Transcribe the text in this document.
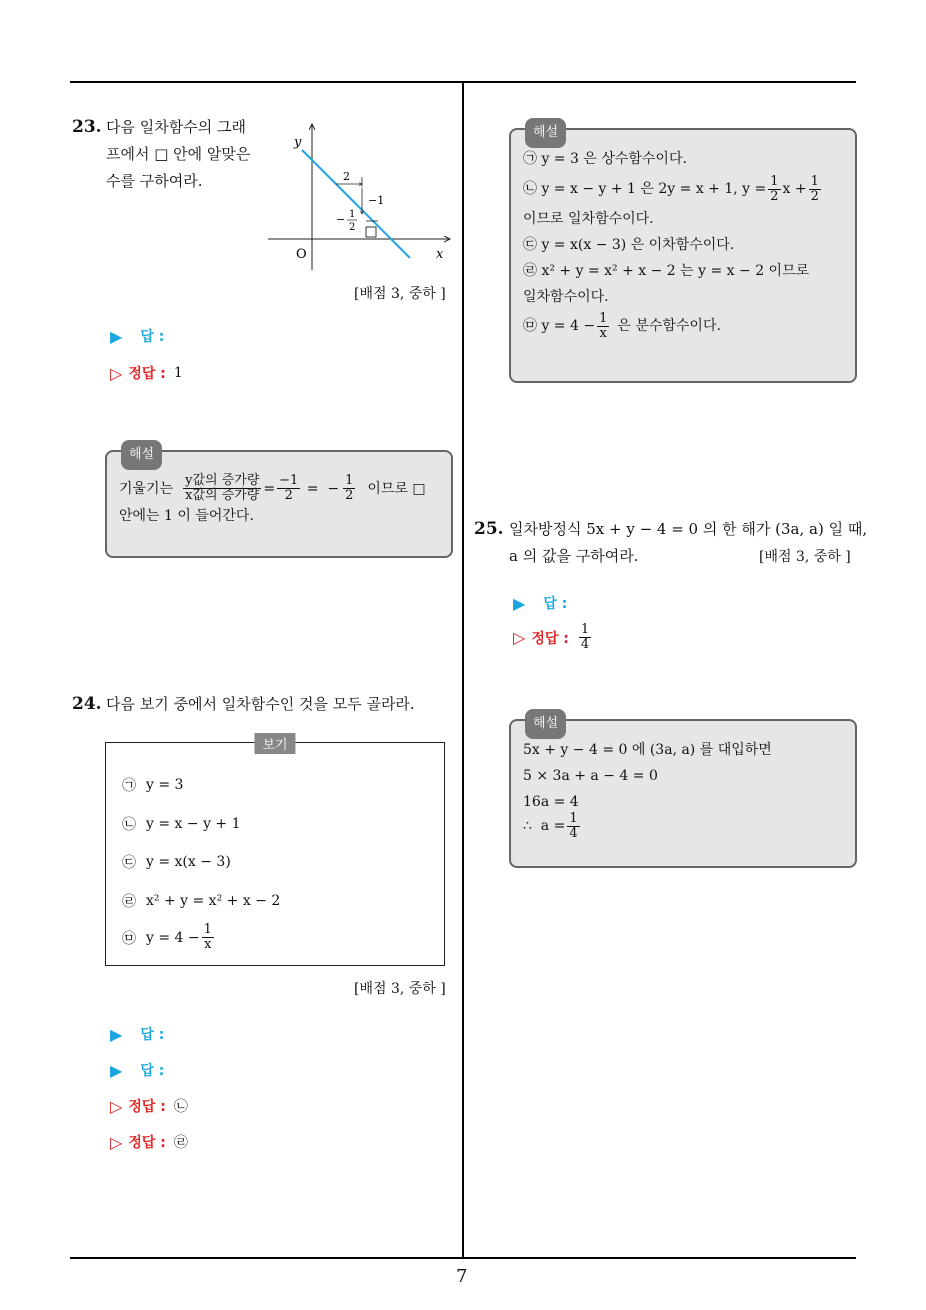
7
23. 다음 일차함수의 그래
프에서 □ 안에 알맞은
수를 구하여라.
y
x
O
2
−1
− 1
2
[배점 3, 중하 ]
▶ 답 :
▷ 정답 : 1
해설
기울기는 $\frac{\text{y값의 증가량}}{\text{x값의 증가량}} = \frac{-1}{2}$ =  − $\frac{1}{2}$ 이므로 □
안에는 1 이 들어간다.
24. 다음 보기 중에서 일차함수인 것을 모두 골라라.
보기
㉠ y = 3
㉡ y = x − y + 1
㉢ y = x(x − 3)
㉣ x² + y = x² + x − 2
㉤ $y = 4 - \frac{1}{x}$
[배점 3, 중하 ]
▶ 답 :
▶ 답 :
▷ 정답 : ㉡
▷ 정답 : ㉣
해설
㉠ y = 3 은 상수함수이다.
㉡ y = x − y + 1 은 2y = x + 1, $y = \frac{1}{2}$ $x + \frac{1}{2}$
이므로 일차함수이다.
㉢ y = x(x − 3) 은 이차함수이다.
㉣ x² + y = x² + x − 2 는 y = x − 2 이므로
일차함수이다.
㉤ $y = 4 - \frac{1}{x}$ 은 분수함수이다.
25. 일차방정식 5x + y − 4 = 0 의 한 해가 (3a, a) 일 때,
a 의 값을 구하여라.	[배점 3, 중하 ]
▶ 답 :
▷ 정답 : $\frac{1}{4}$
해설
5x + y − 4 = 0 에 (3a, a) 를 대입하면
5 × 3a + a − 4 = 0
16a = 4
∴  $a = \frac{1}{4}$
